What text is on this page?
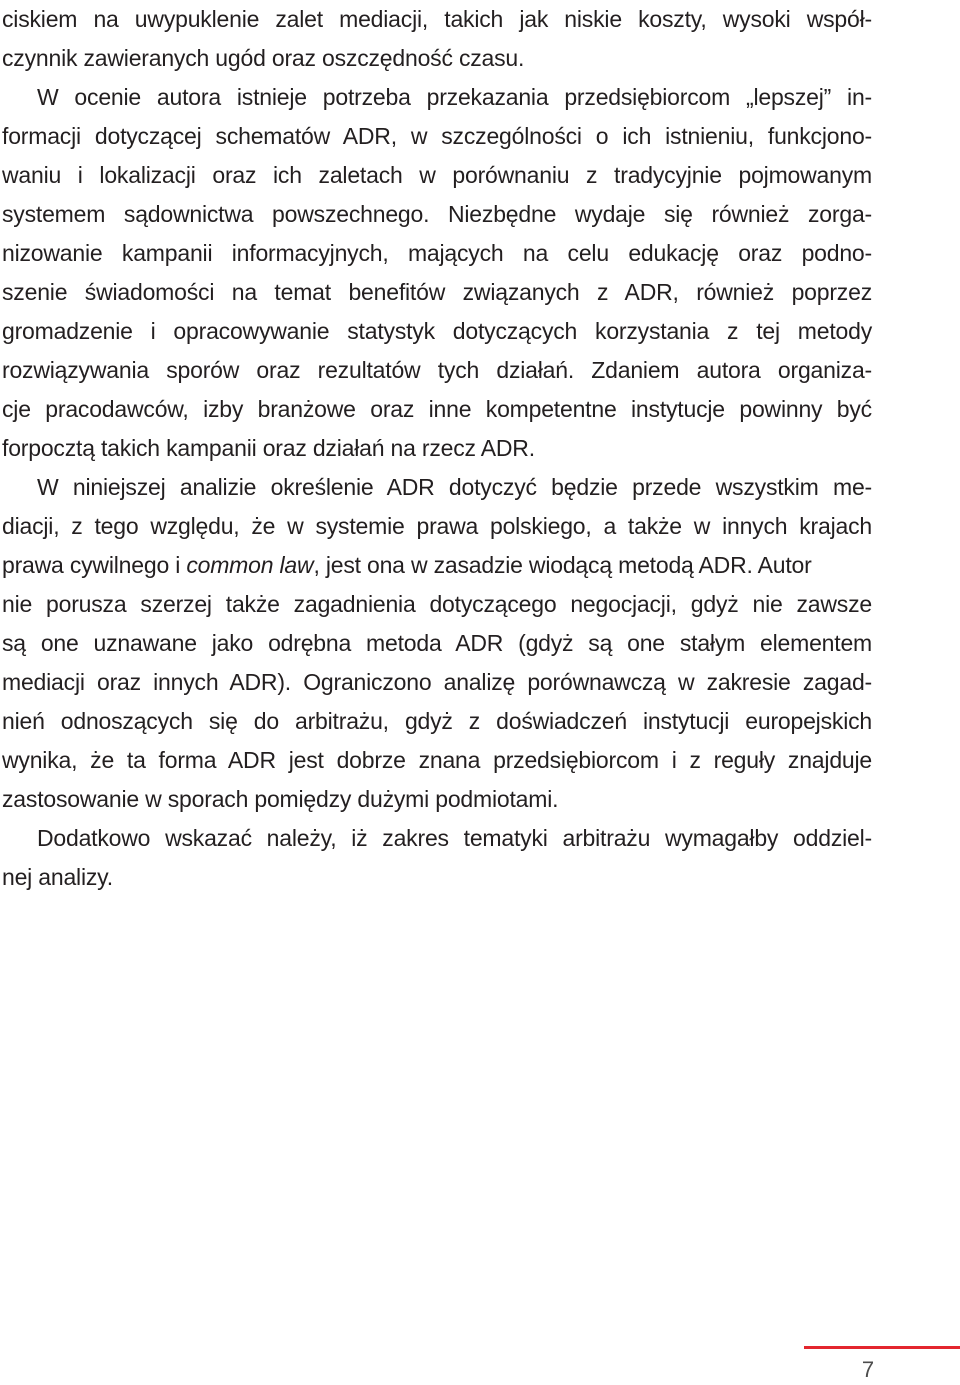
ciskiem na uwypuklenie zalet mediacji, takich jak niskie koszty, wysoki współ-
czynnik zawieranych ugód oraz oszczędność czasu.
W ocenie autora istnieje potrzeba przekazania przedsiębiorcom „lepszej” in-
formacji dotyczącej schematów ADR, w szczególności o ich istnieniu, funkcjono-
waniu i lokalizacji oraz ich zaletach w porównaniu z tradycyjnie pojmowanym
systemem sądownictwa powszechnego. Niezbędne wydaje się również zorga-
nizowanie kampanii informacyjnych, mających na celu edukację oraz podno-
szenie świadomości na temat benefitów związanych z ADR, również poprzez
gromadzenie i opracowywanie statystyk dotyczących korzystania z tej metody
rozwiązywania sporów oraz rezultatów tych działań. Zdaniem autora organiza-
cje pracodawców, izby branżowe oraz inne kompetentne instytucje powinny być
forpocztą takich kampanii oraz działań na rzecz ADR.
W niniejszej analizie określenie ADR dotyczyć będzie przede wszystkim me-
diacji, z tego względu, że w systemie prawa polskiego, a także w innych krajach
prawa cywilnego i common law, jest ona w zasadzie wiodącą metodą ADR. Autor
nie porusza szerzej także zagadnienia dotyczącego negocjacji, gdyż nie zawsze
są one uznawane jako odrębna metoda ADR (gdyż są one stałym elementem
mediacji oraz innych ADR). Ograniczono analizę porównawczą w zakresie zagad-
nień odnoszących się do arbitrażu, gdyż z doświadczeń instytucji europejskich
wynika, że ta forma ADR jest dobrze znana przedsiębiorcom i z reguły znajduje
zastosowanie w sporach pomiędzy dużymi podmiotami.
Dodatkowo wskazać należy, iż zakres tematyki arbitrażu wymagałby oddziel-
nej analizy.
7
